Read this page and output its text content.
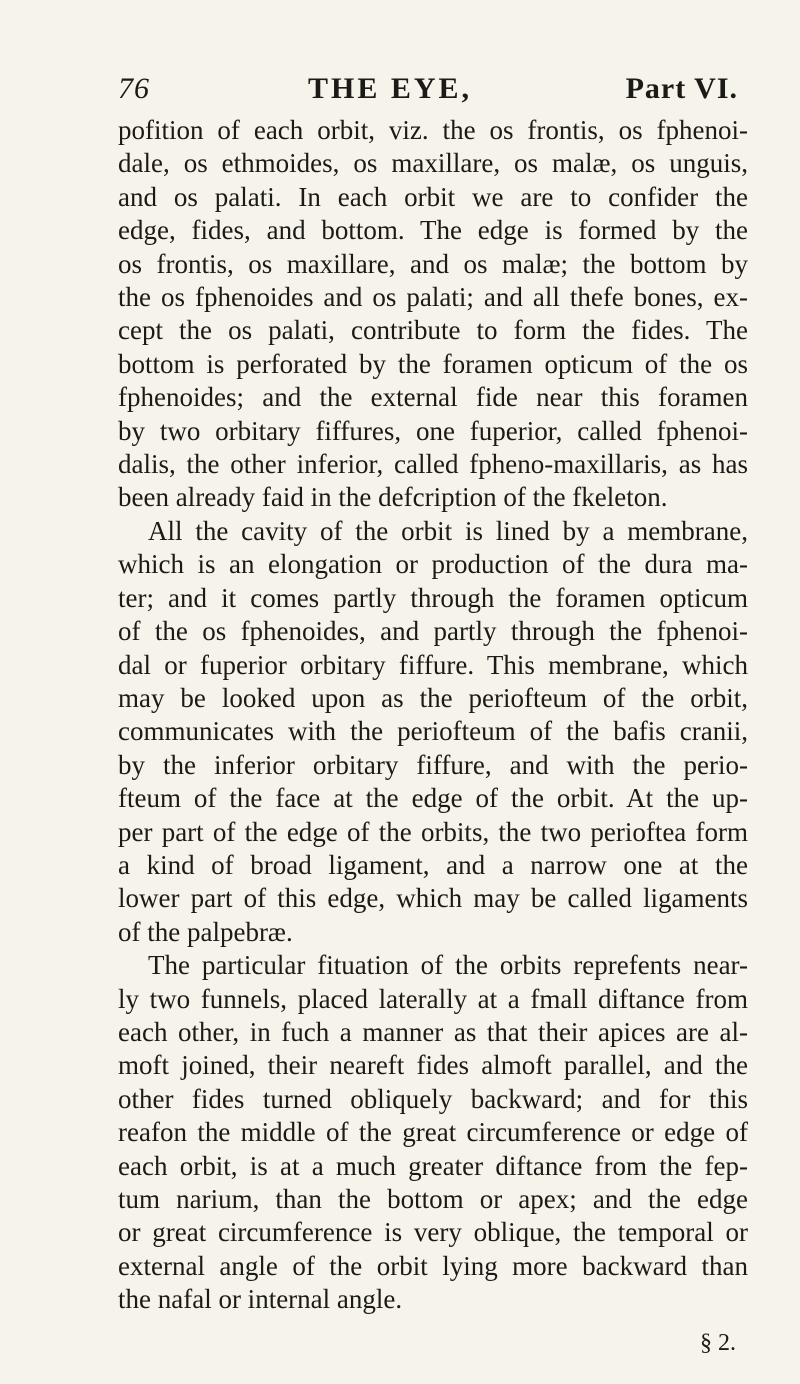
76	THE EYE,	Part VI.

pofition of each orbit, viz. the os frontis, os fphenoi-

dale, os ethmoides, os maxillare, os malæ, os unguis,

and os palati. In each orbit we are to confider the

edge, fides, and bottom. The edge is formed by the

os frontis, os maxillare, and os malæ; the bottom by

the os fphenoides and os palati; and all thefe bones, ex-

cept the os palati, contribute to form the fides. The

bottom is perforated by the foramen opticum of the os

fphenoides; and the external fide near this foramen

by two orbitary fiffures, one fuperior, called fphenoi-

dalis, the other inferior, called fpheno-maxillaris, as has

been already faid in the defcription of the fkeleton.

All the cavity of the orbit is lined by a membrane,

which is an elongation or production of the dura ma-

ter; and it comes partly through the foramen opticum

of the os fphenoides, and partly through the fphenoi-

dal or fuperior orbitary fiffure. This membrane, which

may be looked upon as the periofteum of the orbit,

communicates with the periofteum of the bafis cranii,

by the inferior orbitary fiffure, and with the perio-

fteum of the face at the edge of the orbit. At the up-

per part of the edge of the orbits, the two perioftea form

a kind of broad ligament, and a narrow one at the

lower part of this edge, which may be called ligaments

of the palpebræ.

The particular fituation of the orbits reprefents near-

ly two funnels, placed laterally at a fmall diftance from

each other, in fuch a manner as that their apices are al-

moft joined, their neareft fides almoft parallel, and the

other fides turned obliquely backward; and for this

reafon the middle of the great circumference or edge of

each orbit, is at a much greater diftance from the fep-

tum narium, than the bottom or apex; and the edge

or great circumference is very oblique, the temporal or

external angle of the orbit lying more backward than

the nafal or internal angle.

§ 2.
